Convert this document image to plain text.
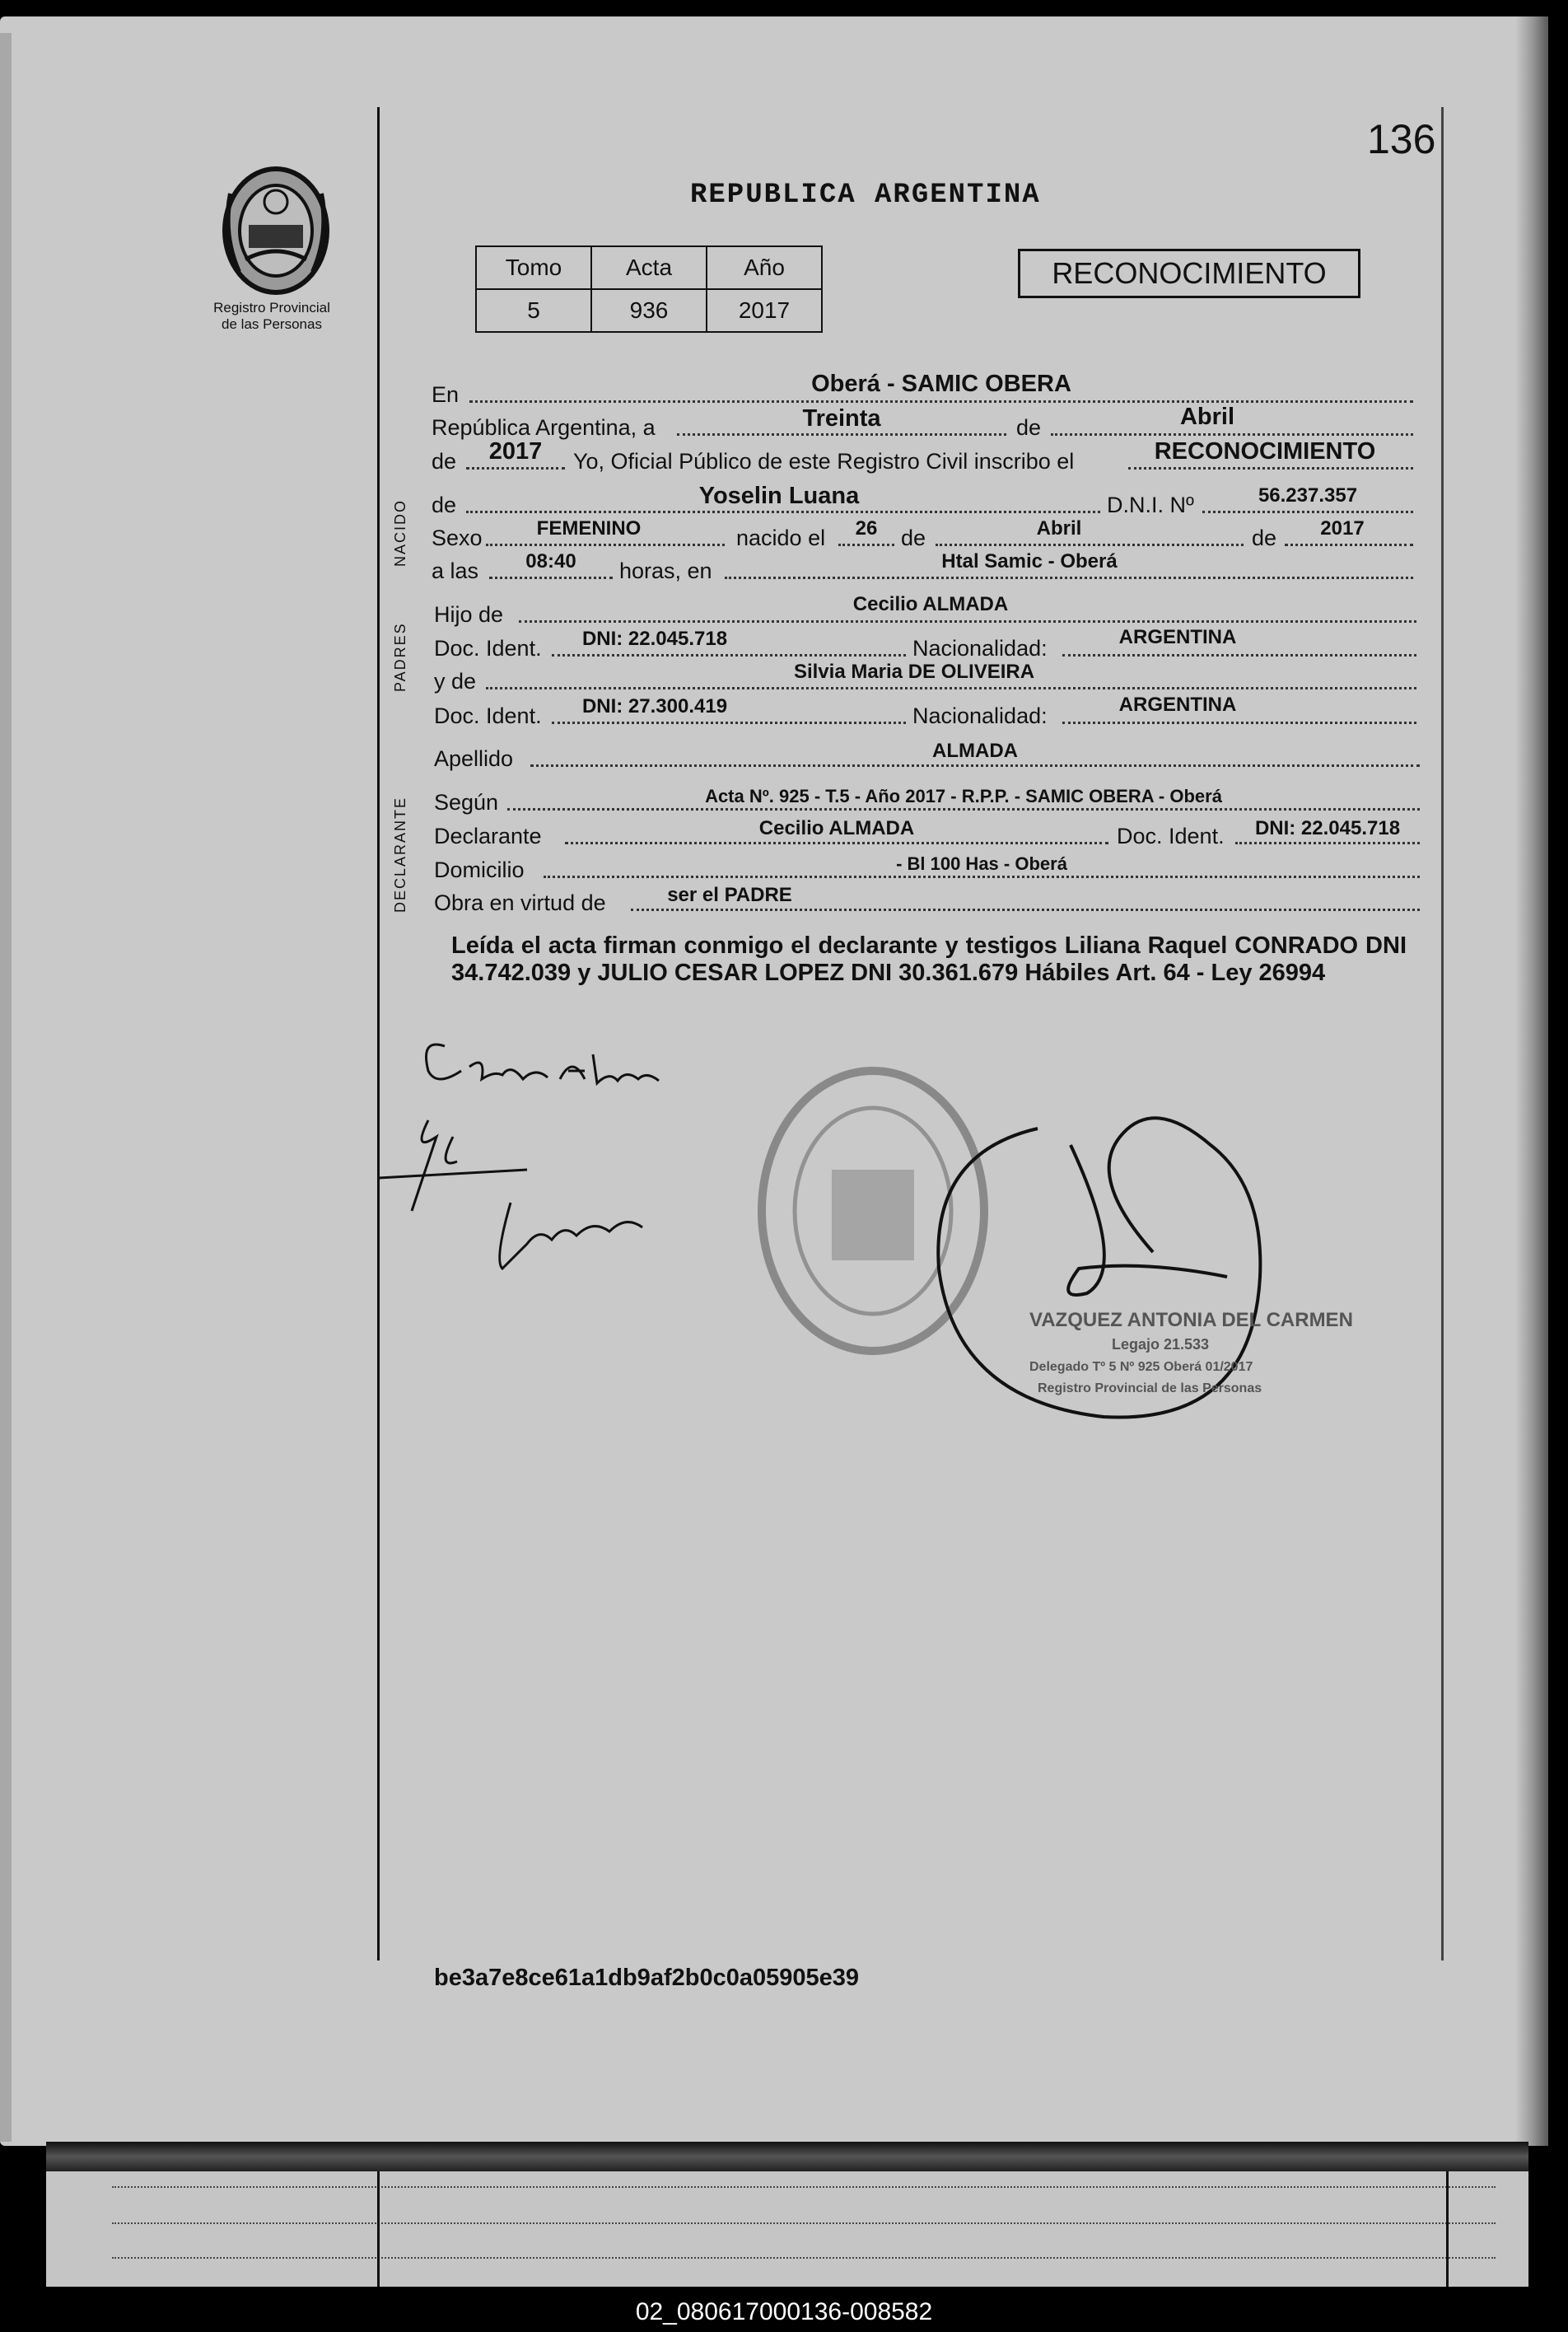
136
Registro Provincial
de las Personas
REPUBLICA ARGENTINA
Tomo	Acta	Año
5	936	2017
RECONOCIMIENTO
NACIDO
PADRES
DECLARANTE
En	Oberá - SAMIC OBERA
República Argentina, a	Treinta	de	Abril
de	2017	Yo, Oficial Público de este Registro Civil inscribo el	RECONOCIMIENTO
de	Yoselin Luana	D.N.I. Nº	56.237.357
Sexo	FEMENINO	nacido el	26	de	Abril	de	2017
a las	08:40	horas, en	Htal Samic - Oberá
Hijo de	Cecilio ALMADA
Doc. Ident.	DNI: 22.045.718	Nacionalidad:	ARGENTINA
y de	Silvia Maria DE OLIVEIRA
Doc. Ident.	DNI: 27.300.419	Nacionalidad:	ARGENTINA
Apellido	ALMADA
Según	Acta Nº. 925 - T.5 - Año 2017 - R.P.P. - SAMIC OBERA - Oberá
Declarante	Cecilio ALMADA	Doc. Ident.	DNI: 22.045.718
Domicilio	- Bl 100 Has - Oberá
Obra en virtud de	ser el PADRE
Leída el acta firman conmigo el declarante y testigos Liliana Raquel CONRADO DNI 34.742.039 y JULIO CESAR LOPEZ DNI 30.361.679 Hábiles Art. 64 - Ley 26994
VAZQUEZ ANTONIA DEL CARMEN
Legajo 21.533
Delegado Tº 5 Nº 925 Oberá 01/2017
Registro Provincial de las Personas
be3a7e8ce61a1db9af2b0c0a05905e39
02_080617000136-008582
